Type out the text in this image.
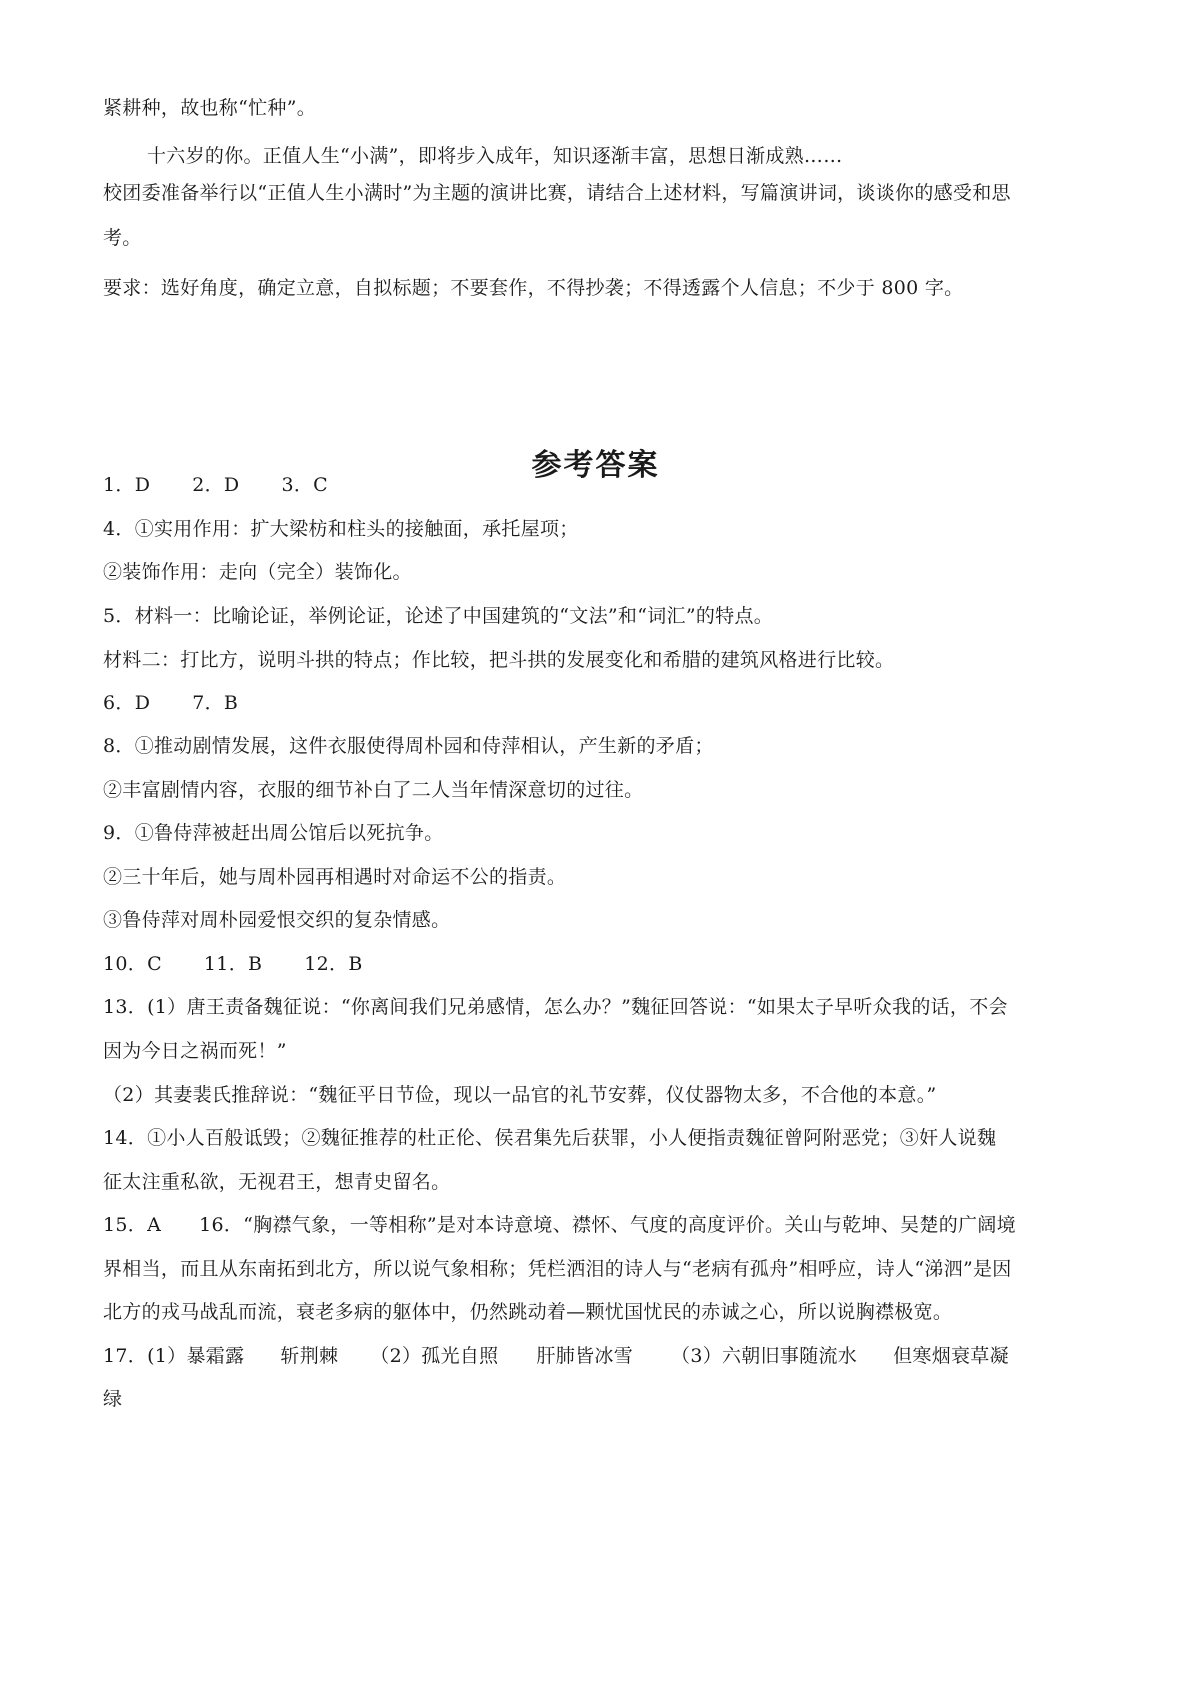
紧耕种，故也称“忙种”。
十六岁的你。正值人生“小满”，即将步入成年，知识逐渐丰富，思想日渐成熟……
校团委准备举行以“正值人生小满时”为主题的演讲比赛，请结合上述材料，写篇演讲词，谈谈你的感受和思
考。
要求：选好角度，确定立意，自拟标题；不要套作，不得抄袭；不得透露个人信息；不少于 800 字。
参考答案
1．D 2．D 3．C
4．①实用作用：扩大梁枋和柱头的接触面，承托屋项；
②装饰作用：走向（完全）装饰化。
5．材料一：比喻论证，举例论证，论述了中国建筑的“文法”和“词汇”的特点。
材料二：打比方，说明斗拱的特点；作比较，把斗拱的发展变化和希腊的建筑风格进行比较。
6．D 7．B
8．①推动剧情发展，这件衣服使得周朴园和侍萍相认，产生新的矛盾；
②丰富剧情内容，衣服的细节补白了二人当年情深意切的过往。
9．①鲁侍萍被赶出周公馆后以死抗争。
②三十年后，她与周朴园再相遇时对命运不公的指责。
③鲁侍萍对周朴园爱恨交织的复杂情感。
10．C 11．B 12．B
13．(1）唐王责备魏征说：“你离间我们兄弟感情，怎么办？”魏征回答说：“如果太子早听众我的话，不会
因为今日之祸而死！”
（2）其妻裴氏推辞说：“魏征平日节俭，现以一品官的礼节安葬，仪仗器物太多，不合他的本意。”
14．①小人百般诋毁；②魏征推荐的杜正伦、侯君集先后获罪，小人便指责魏征曾阿附恶党；③奸人说魏
征太注重私欲，无视君王，想青史留名。
15．A 16．“胸襟气象，一等相称”是对本诗意境、襟怀、气度的高度评价。关山与乾坤、吴楚的广阔境
界相当，而且从东南拓到北方，所以说气象相称；凭栏洒泪的诗人与“老病有孤舟”相呼应，诗人“涕泗”是因
北方的戎马战乱而流，衰老多病的躯体中，仍然跳动着—颗忧国忧民的赤诚之心，所以说胸襟极宽。
17．(1）暴霜露 斩荆棘 （2）孤光自照 肝肺皆冰雪 （3）六朝旧事随流水 但寒烟衰草凝
绿
